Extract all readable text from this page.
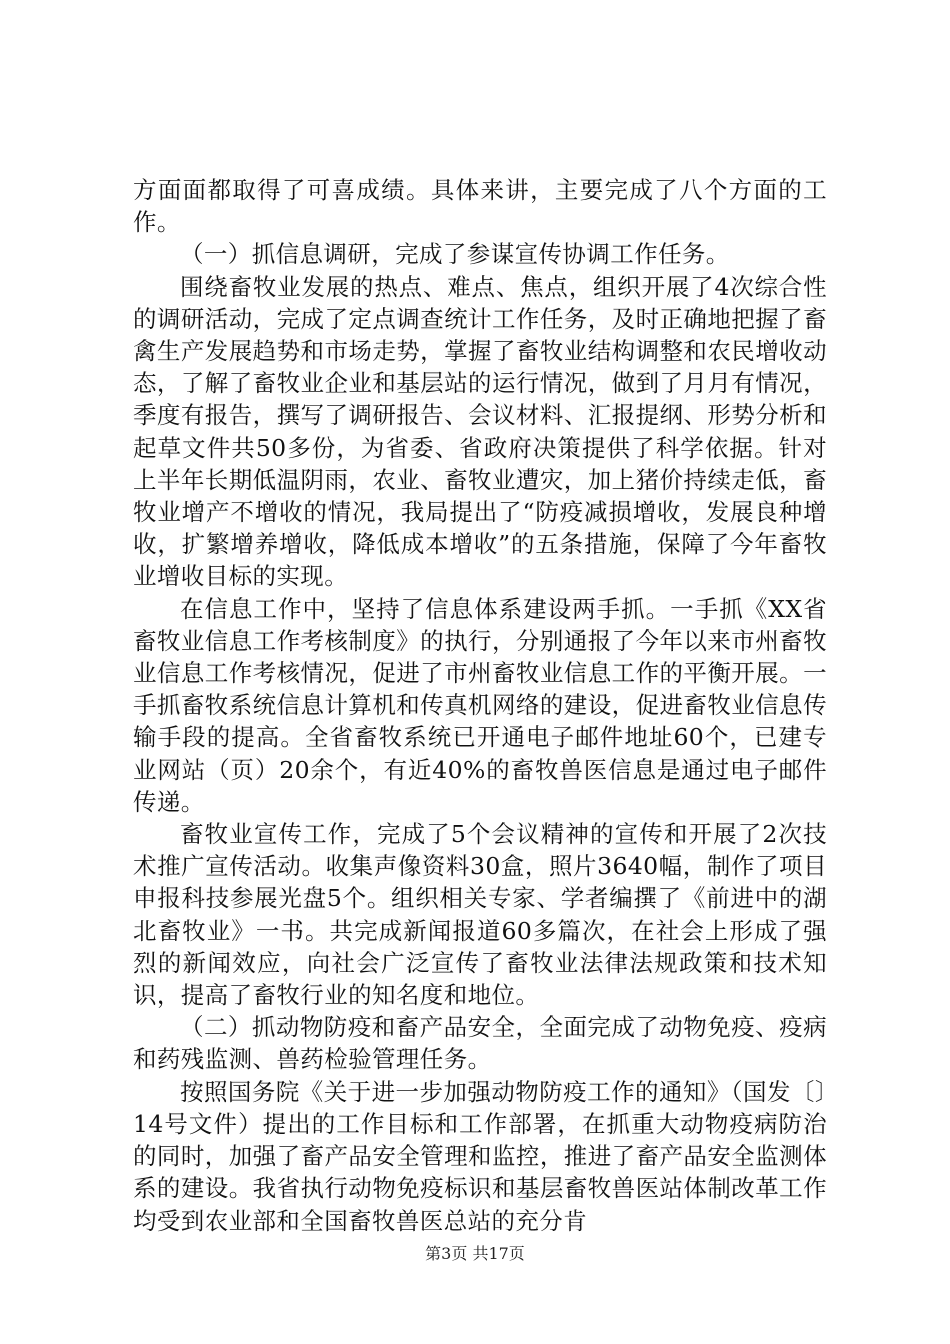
方面面都取得了可喜成绩。具体来讲，主要完成了八个方面的工作。

（一）抓信息调研，完成了参谋宣传协调工作任务。

围绕畜牧业发展的热点、难点、焦点，组织开展了4次综合性的调研活动，完成了定点调查统计工作任务，及时正确地把握了畜禽生产发展趋势和市场走势，掌握了畜牧业结构调整和农民增收动态，了解了畜牧业企业和基层站的运行情况，做到了月月有情况，季度有报告，撰写了调研报告、会议材料、汇报提纲、形势分析和起草文件共50多份，为省委、省政府决策提供了科学依据。针对上半年长期低温阴雨，农业、畜牧业遭灾，加上猪价持续走低，畜牧业增产不增收的情况，我局提出了“防疫减损增收，发展良种增收，扩繁增养增收，降低成本增收”的五条措施，保障了今年畜牧业增收目标的实现。

在信息工作中，坚持了信息体系建设两手抓。一手抓《XX省畜牧业信息工作考核制度》的执行，分别通报了今年以来市州畜牧业信息工作考核情况，促进了市州畜牧业信息工作的平衡开展。一手抓畜牧系统信息计算机和传真机网络的建设，促进畜牧业信息传输手段的提高。全省畜牧系统已开通电子邮件地址60个，已建专业网站（页）20余个，有近40%的畜牧兽医信息是通过电子邮件传递。

畜牧业宣传工作，完成了5个会议精神的宣传和开展了2次技术推广宣传活动。收集声像资料30盒，照片3640幅，制作了项目申报科技参展光盘5个。组织相关专家、学者编撰了《前进中的湖北畜牧业》一书。共完成新闻报道60多篇次，在社会上形成了强烈的新闻效应，向社会广泛宣传了畜牧业法律法规政策和技术知识，提高了畜牧行业的知名度和地位。

（二）抓动物防疫和畜产品安全，全面完成了动物免疫、疫病和药残监测、兽药检验管理任务。

按照国务院《关于进一步加强动物防疫工作的通知》（国发〔〕14号文件）提出的工作目标和工作部署，在抓重大动物疫病防治的同时，加强了畜产品安全管理和监控，推进了畜产品安全监测体系的建设。我省执行动物免疫标识和基层畜牧兽医站体制改革工作均受到农业部和全国畜牧兽医总站的充分肯

第3页 共17页
